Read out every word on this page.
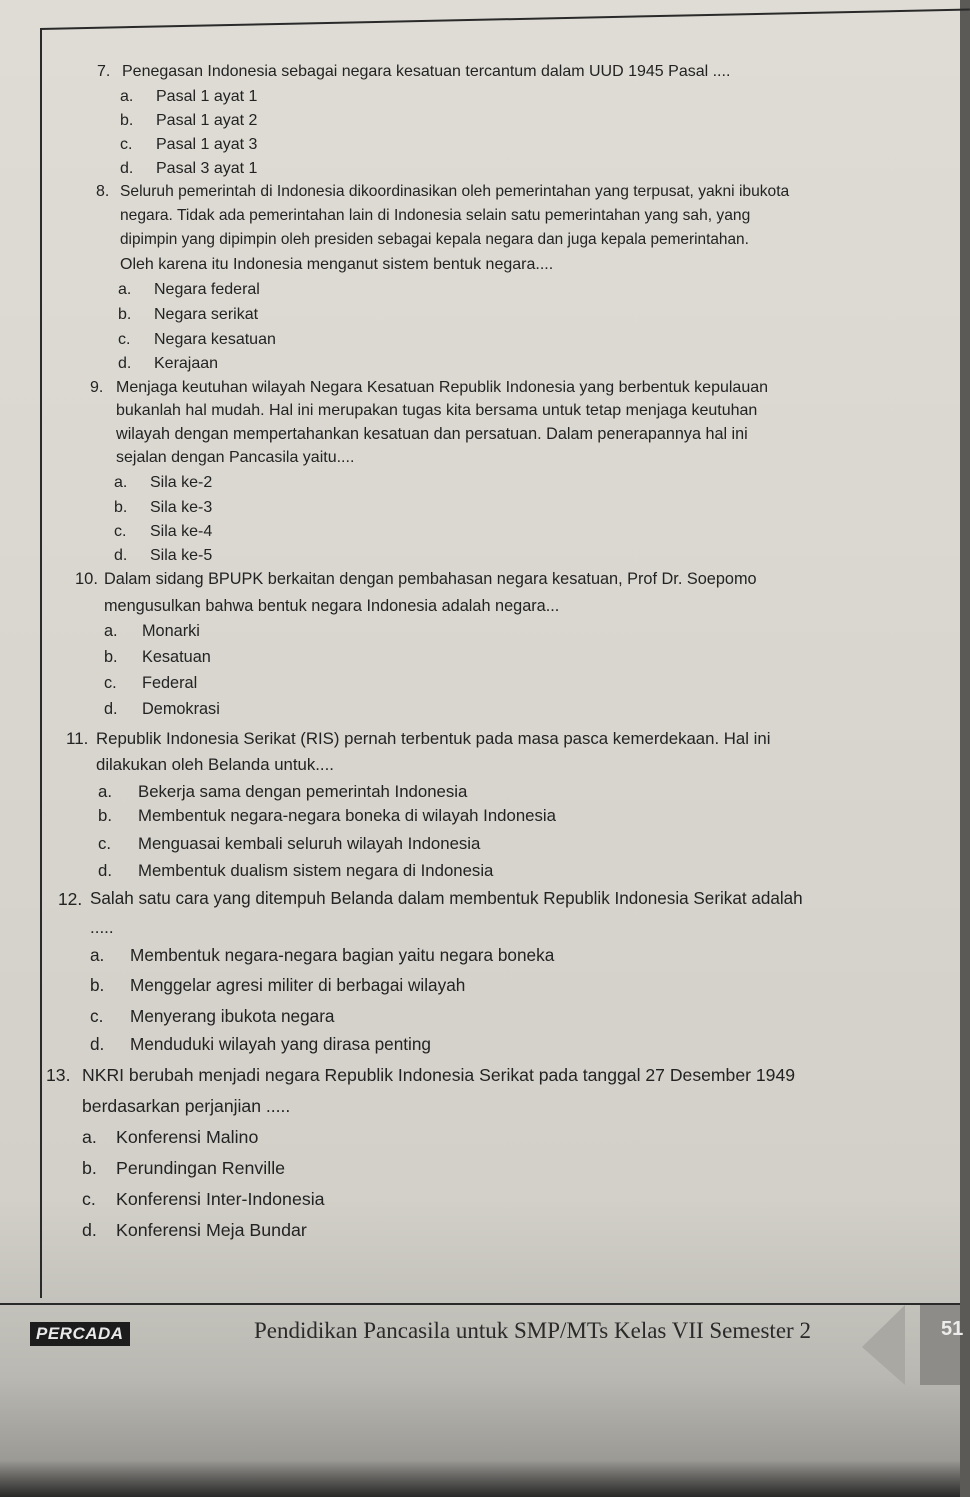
7. Penegasan Indonesia sebagai negara kesatuan tercantum dalam UUD 1945 Pasal ....
a. Pasal 1 ayat 1
b. Pasal 1 ayat 2
c. Pasal 1 ayat 3
d. Pasal 3 ayat 1
8. Seluruh pemerintah di Indonesia dikoordinasikan oleh pemerintahan yang terpusat, yakni ibukota
negara. Tidak ada pemerintahan lain di Indonesia selain satu pemerintahan yang sah, yang
dipimpin yang dipimpin oleh presiden sebagai kepala negara dan juga kepala pemerintahan.
Oleh karena itu Indonesia menganut sistem bentuk negara....
a. Negara federal
b. Negara serikat
c. Negara kesatuan
d. Kerajaan
9. Menjaga keutuhan wilayah Negara Kesatuan Republik Indonesia yang berbentuk kepulauan
bukanlah hal mudah. Hal ini merupakan tugas kita bersama untuk tetap menjaga keutuhan
wilayah dengan mempertahankan kesatuan dan persatuan. Dalam penerapannya hal ini
sejalan dengan Pancasila yaitu....
a. Sila ke-2
b. Sila ke-3
c. Sila ke-4
d. Sila ke-5
10. Dalam sidang BPUPK berkaitan dengan pembahasan negara kesatuan, Prof Dr. Soepomo
mengusulkan bahwa bentuk negara Indonesia adalah negara...
a. Monarki
b. Kesatuan
c. Federal
d. Demokrasi
11. Republik Indonesia Serikat (RIS) pernah terbentuk pada masa pasca kemerdekaan. Hal ini
dilakukan oleh Belanda untuk....
a. Bekerja sama dengan pemerintah Indonesia
b. Membentuk negara-negara boneka di wilayah Indonesia
c. Menguasai kembali seluruh wilayah Indonesia
d. Membentuk dualism sistem negara di Indonesia
12. Salah satu cara yang ditempuh Belanda dalam membentuk Republik Indonesia Serikat adalah
.....
a. Membentuk negara-negara bagian yaitu negara boneka
b. Menggelar agresi militer di berbagai wilayah
c. Menyerang ibukota negara
d. Menduduki wilayah yang dirasa penting
13. NKRI berubah menjadi negara Republik Indonesia Serikat pada tanggal 27 Desember 1949
berdasarkan perjanjian .....
a. Konferensi Malino
b. Perundingan Renville
c. Konferensi Inter-Indonesia
d. Konferensi Meja Bundar
PERCADA	Pendidikan Pancasila untuk SMP/MTs Kelas VII Semester 2	51
